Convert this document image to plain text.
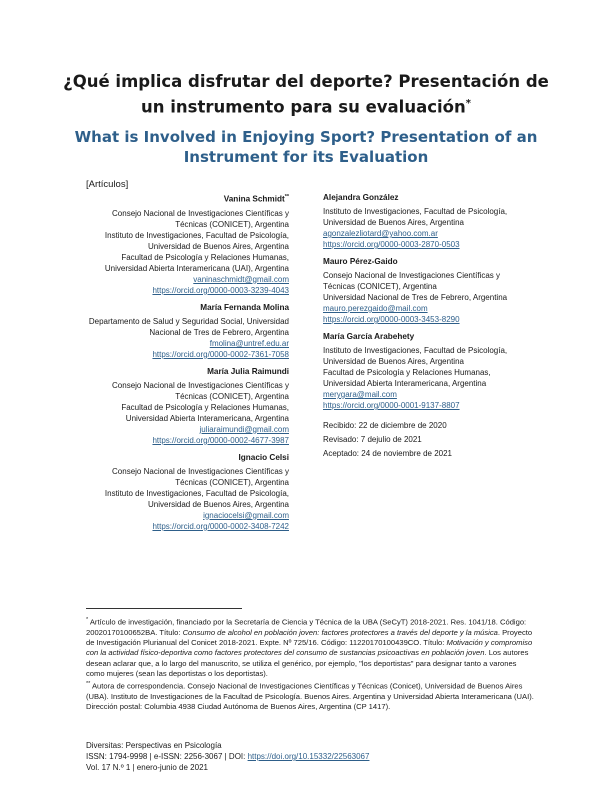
¿Qué implica disfrutar del deporte? Presentación de un instrumento para su evaluación*
What is Involved in Enjoying Sport? Presentation of an Instrument for its Evaluation
[Artículos]
Vanina Schmidt**
Consejo Nacional de Investigaciones Científicas y
Técnicas (CONICET), Argentina
Instituto de Investigaciones, Facultad de Psicología,
Universidad de Buenos Aires, Argentina
Facultad de Psicología y Relaciones Humanas,
Universidad Abierta Interamericana (UAI), Argentina
vaninaschmidt@gmail.com
https://orcid.org/0000-0003-3239-4043
María Fernanda Molina
Departamento de Salud y Seguridad Social, Universidad
Nacional de Tres de Febrero, Argentina
fmolina@untref.edu.ar
https://orcid.org/0000-0002-7361-7058
María Julia Raimundi
Consejo Nacional de Investigaciones Científicas y
Técnicas (CONICET), Argentina
Facultad de Psicología y Relaciones Humanas,
Universidad Abierta Interamericana, Argentina
juliaraimundi@gmail.com
https://orcid.org/0000-0002-4677-3987
Ignacio Celsi
Consejo Nacional de Investigaciones Científicas y
Técnicas (CONICET), Argentina
Instituto de Investigaciones, Facultad de Psicología,
Universidad de Buenos Aires, Argentina
ignaciocelsi@gmail.com
https://orcid.org/0000-0002-3408-7242
Alejandra González
Instituto de Investigaciones, Facultad de Psicología,
Universidad de Buenos Aires, Argentina
agonzalezliotard@yahoo.com.ar
https://orcid.org/0000-0003-2870-0503
Mauro Pérez-Gaido
Consejo Nacional de Investigaciones Científicas y
Técnicas (CONICET), Argentina
Universidad Nacional de Tres de Febrero, Argentina
mauro.perezgaido@mail.com
https://orcid.org/0000-0003-3453-8290
María García Arabehety
Instituto de Investigaciones, Facultad de Psicología,
Universidad de Buenos Aires, Argentina
Facultad de Psicología y Relaciones Humanas,
Universidad Abierta Interamericana, Argentina
merygara@mail.com
https://orcid.org/0000-0001-9137-8807
Recibido: 22 de diciembre de 2020
Revisado: 7 dejulio de 2021
Aceptado: 24 de noviembre de 2021

* Artículo de investigación, financiado por la Secretaría de Ciencia y Técnica de la UBA (SeCyT) 2018-2021. Res. 1041/18. Código: 20020170100652BA. Título: Consumo de alcohol en población joven: factores protectores a través del deporte y la música. Proyecto de Investigación Plurianual del Conicet 2018-2021. Expte. Nº 725/16. Código: 11220170100439CO. Título: Motivación y compromiso con la actividad físico-deportiva como factores protectores del consumo de sustancias psicoactivas en población joven. Los autores desean aclarar que, a lo largo del manuscrito, se utiliza el genérico, por ejemplo, "los deportistas" para designar tanto a varones como mujeres (sean las deportistas o los deportistas).

** Autora de correspondencia. Consejo Nacional de Investigaciones Científicas y Técnicas (Conicet), Universidad de Buenos Aires (UBA). Instituto de Investigaciones de la Facultad de Psicología. Buenos Aires. Argentina y Universidad Abierta Interamericana (UAI). Dirección postal: Columbia 4938 Ciudad Autónoma de Buenos Aires, Argentina (CP 1417).

Diversitas: Perspectivas en Psicología
ISSN: 1794-9998 | e-ISSN: 2256-3067 | DOI: https://doi.org/10.15332/22563067
Vol. 17 N.º 1 | enero-junio de 2021
